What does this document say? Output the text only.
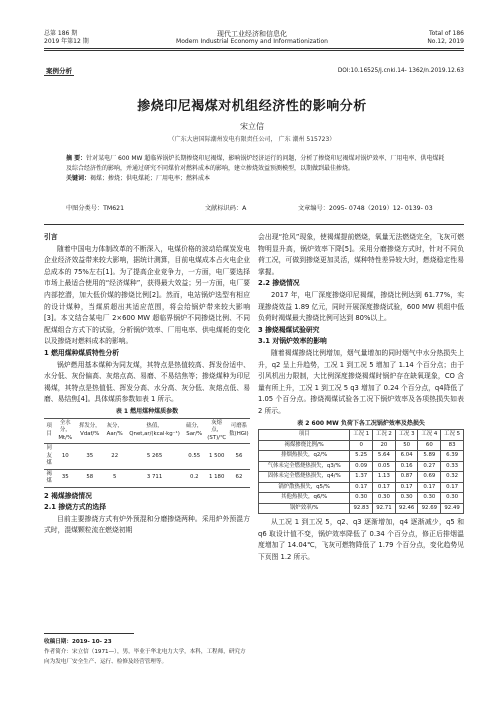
总第 186 期
2019 年第12 期
现代工业经济和信息化
Modern Industrial Economy and Informationization
Total of 186
No.12, 2019
案例分析	DOI:10.16525/j.cnki.14- 1362/n.2019.12.63
掺烧印尼褐煤对机组经济性的影响分析
宋立信
（广东大唐国际潮州发电有限责任公司， 广东 潮州 515723）
摘 要：针对某电厂 600 MW 超临界锅炉长期掺烧印尼褐煤，影响锅炉经济运行的问题，分析了掺烧印尼褐煤对锅炉效率、厂用电率、供电煤耗及综合经济性的影响，并通过研究不同煤价对燃料成本的影响，建立掺烧效益预测模型，以期做到最佳掺烧。
关键词：褐煤；掺烧；供电煤耗；厂用电率；燃料成本
中图分类号：TM621	文献标识码：A	文章编号：2095- 0748（2019）12- 0139- 03

引言

随着中国电力体制改革的不断深入，电煤价格的波动给煤炭发电企业经济效益带来较大影响，据统计测算，目前电煤成本占火电企业总成本的 75%左右[1]。为了提高企业竞争力，一方面，电厂要选择市场上最适合使用的“经济煤种”，获得最大效益；另一方面，电厂要内部挖潜，加大低价煤的掺烧比例[2]。然而，电站锅炉选型有相应的设计煤种，当煤质超出其适应范围，将会给锅炉带来较大影响[3]。本文结合某电厂 2×600 MW 超临界锅炉不同掺烧比例、不同配煤组合方式下的试验，分析锅炉效率、厂用电率、供电煤耗的变化以及掺烧对燃料成本的影响。

1 燃用煤种煤质特性分析

锅炉燃用基本煤种为同友煤，其特点是热值较高、挥发份适中、水分低、灰份偏高、灰熔点高、易磨、不易结焦等；掺烧煤种为印尼褐煤，其特点是热值低、挥发分高、水分高、灰分低、灰熔点低、易磨、易结焦[4]。具体煤质参数如表 1 所示。

表 1 燃用煤种煤质参数

项目	全水分，Mt/%	挥发分，Vdaf/%	灰分，Aar/%	热值，Qnet,ar/(kcal·kg⁻¹)	硫分，Sar/%	灰熔点，(ST)/℃	可磨系数(HGI)
同友煤	10	35	22	5 265	0.55	1 500	56
褐煤	35	58	5	3 711	0.2	1 180	62

2 褐煤掺烧情况

2.1 掺烧方式的选择

目前主要掺烧方式有炉外预混和分磨掺烧两种。采用炉外预混方式时，混煤颗粒流在燃烧初期

收稿日期：2019- 10- 23
作者简介：宋立信（1971—），男，毕业于华北电力大学，本科，工程师，研究方向为发电厂安全生产、运行、检修及经营管理等。

会出现“抢风”现象，使褐煤提前燃烧，氧量无法燃烧完全，飞灰可燃物明显升高，锅炉效率下降[5]。采用分磨掺烧方式时，针对不同负荷工况，可做到掺烧更加灵活，煤种特性差异较大时，燃烧稳定性易掌握。

2.2 掺烧情况

2017 年，电厂深度掺烧印尼褐煤，掺烧比例达到 61.77%，实现掺烧效益 1.89 亿元，同时开展深度掺烧试验，600 MW 机组中低负荷时褐煤最大掺烧比例可达到 80%以上。

3 掺烧褐煤试验研究

3.1 对锅炉效率的影响

随着褐煤掺烧比例增加，烟气量增加的同时烟气中水分热损失上升，q2 呈上升趋势，工况 1 到工况 5 增加了 1.14 个百分点；由于引风机出力限制，大比例深度掺烧褐煤时锅炉存在缺氧现象，CO 含量有所上升，工况 1 到工况 5 q3 增加了 0.24 个百分点，q4降低了 1.05 个百分点。掺烧褐煤试验各工况下锅炉效率及各项热损失如表 2 所示。

表 2 600 MW 负荷下各工况锅炉效率及热损失

项目	工况 1	工况 2	工况 3	工况 4	工况 5
褐煤掺烧比例/%	0	20	50	60	83
排烟热损失，q2/%	5.25	5.64	6.04	5.89	6.39
气体未完全燃烧热损失，q3/%	0.09	0.05	0.16	0.27	0.33
固体未完全燃烧热损失，q4/%	1.37	1.13	0.87	0.69	0.32
锅炉散热损失，q5/%	0.17	0.17	0.17	0.17	0.17
其他热损失，q6/%	0.30	0.30	0.30	0.30	0.30
锅炉效率/%	92.83	92.71	92.46	92.69	92.49

从工况 1 到工况 5，q2、q3 逐渐增加，q4 逐渐减少，q5 和 q6 取设计值不变，锅炉效率降低了 0.34 个百分点，修正后排烟温度增加了 14.04℃，飞灰可燃物降低了 1.79 个百分点，变化趋势见下页图 1.2 所示。
